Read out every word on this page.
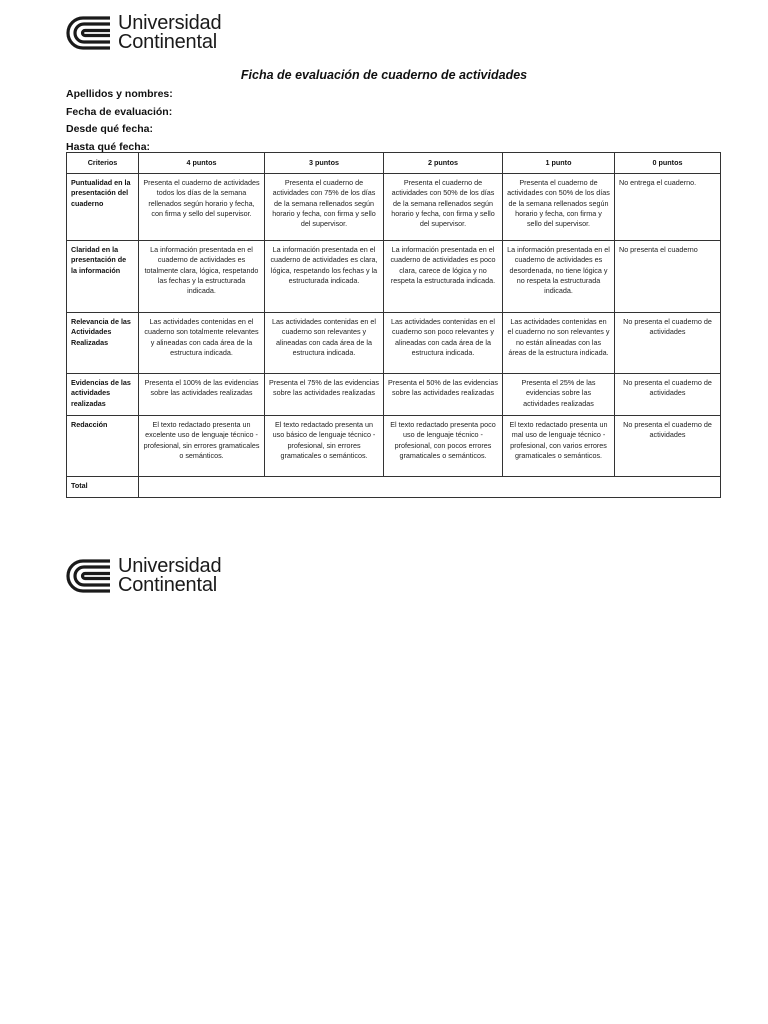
Universidad
Continental
Ficha de evaluación de cuaderno de actividades
Apellidos y nombres:
Fecha de evaluación:
Desde qué fecha:
Hasta qué fecha:
Criterios	4 puntos	3 puntos	2 puntos	1 punto	0 puntos
Puntualidad en la presentación del cuaderno	Presenta el cuaderno de actividades todos los días de la semana rellenados según horario y fecha, con firma y sello del supervisor.	Presenta el cuaderno de actividades con 75% de los días de la semana rellenados según horario y fecha, con firma y sello del supervisor.	Presenta el cuaderno de actividades con 50% de los días de la semana rellenados según horario y fecha, con firma y sello del supervisor.	Presenta el cuaderno de actividades con 50% de los días de la semana rellenados según horario y fecha, con firma y sello del supervisor.	No entrega el cuaderno.
Claridad en la presentación de la información	La información presentada en el cuaderno de actividades es totalmente clara, lógica, respetando las fechas y la estructurada indicada.	La información presentada en el cuaderno de actividades es clara, lógica, respetando los fechas y la estructurada indicada.	La información presentada en el cuaderno de actividades es poco clara, carece de lógica y no respeta la estructurada indicada.	La información presentada en el cuaderno de actividades es desordenada, no tiene lógica y no respeta la estructurada indicada.	No presenta el cuaderno
Relevancia de las Actividades Realizadas	Las actividades contenidas en el cuaderno son totalmente relevantes y alineadas con cada área de la estructura indicada.	Las actividades contenidas en el cuaderno son relevantes y alineadas con cada área de la estructura indicada.	Las actividades contenidas en el cuaderno son poco relevantes y alineadas con cada área de la estructura indicada.	Las actividades contenidas en el cuaderno no son relevantes y no están alineadas con las áreas de la estructura indicada.	No presenta el cuaderno de actividades
Evidencias de las actividades realizadas	Presenta el 100% de las evidencias sobre las actividades realizadas	Presenta el 75% de las evidencias sobre las actividades realizadas	Presenta el 50% de las evidencias sobre las actividades realizadas	Presenta el 25% de las evidencias sobre las actividades realizadas	No presenta el cuaderno de actividades
Redacción	El texto redactado presenta un excelente uso de lenguaje técnico - profesional, sin errores gramaticales o semánticos.	El texto redactado presenta un uso básico de lenguaje técnico - profesional, sin errores gramaticales o semánticos.	El texto redactado presenta poco uso de lenguaje técnico - profesional, con pocos errores gramaticales o semánticos.	El texto redactado presenta un mal uso de lenguaje técnico - profesional, con varios errores gramaticales o semánticos.	No presenta el cuaderno de actividades
Total					
Universidad
Continental
